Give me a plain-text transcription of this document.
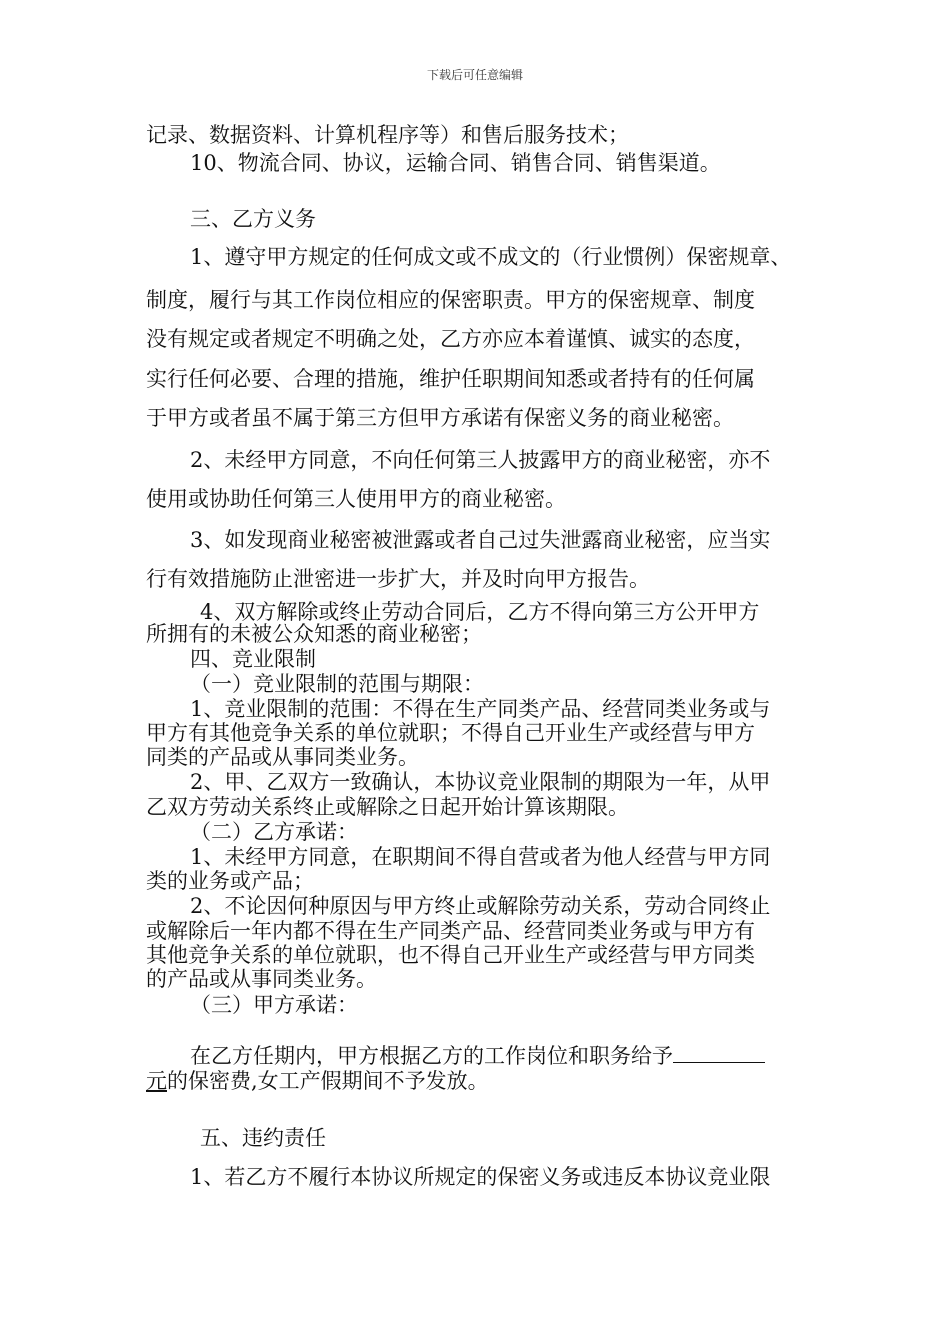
下载后可任意编辑
记录、数据资料、计算机程序等）和售后服务技术；
10、物流合同、协议，运输合同、销售合同、销售渠道。
三、乙方义务
1、遵守甲方规定的任何成文或不成文的（行业惯例）保密规章、
制度，履行与其工作岗位相应的保密职责。甲方的保密规章、制度
没有规定或者规定不明确之处，乙方亦应本着谨慎、诚实的态度，
实行任何必要、合理的措施，维护任职期间知悉或者持有的任何属
于甲方或者虽不属于第三方但甲方承诺有保密义务的商业秘密。
2、未经甲方同意，不向任何第三人披露甲方的商业秘密，亦不
使用或协助任何第三人使用甲方的商业秘密。
3、如发现商业秘密被泄露或者自己过失泄露商业秘密，应当实
行有效措施防止泄密进一步扩大，并及时向甲方报告。
4、双方解除或终止劳动合同后，乙方不得向第三方公开甲方
所拥有的未被公众知悉的商业秘密；
四、竞业限制
（一）竞业限制的范围与期限：
1、竞业限制的范围：不得在生产同类产品、经营同类业务或与
甲方有其他竞争关系的单位就职；不得自己开业生产或经营与甲方
同类的产品或从事同类业务。
2、甲、乙双方一致确认，本协议竞业限制的期限为一年，从甲
乙双方劳动关系终止或解除之日起开始计算该期限。
（二）乙方承诺：
1、未经甲方同意，在职期间不得自营或者为他人经营与甲方同
类的业务或产品；
2、不论因何种原因与甲方终止或解除劳动关系，劳动合同终止
或解除后一年内都不得在生产同类产品、经营同类业务或与甲方有
其他竞争关系的单位就职，也不得自己开业生产或经营与甲方同类
的产品或从事同类业务。
（三）甲方承诺：
在乙方任期内，甲方根据乙方的工作岗位和职务给予
元的保密费,女工产假期间不予发放。
五、违约责任
1、若乙方不履行本协议所规定的保密义务或违反本协议竞业限
